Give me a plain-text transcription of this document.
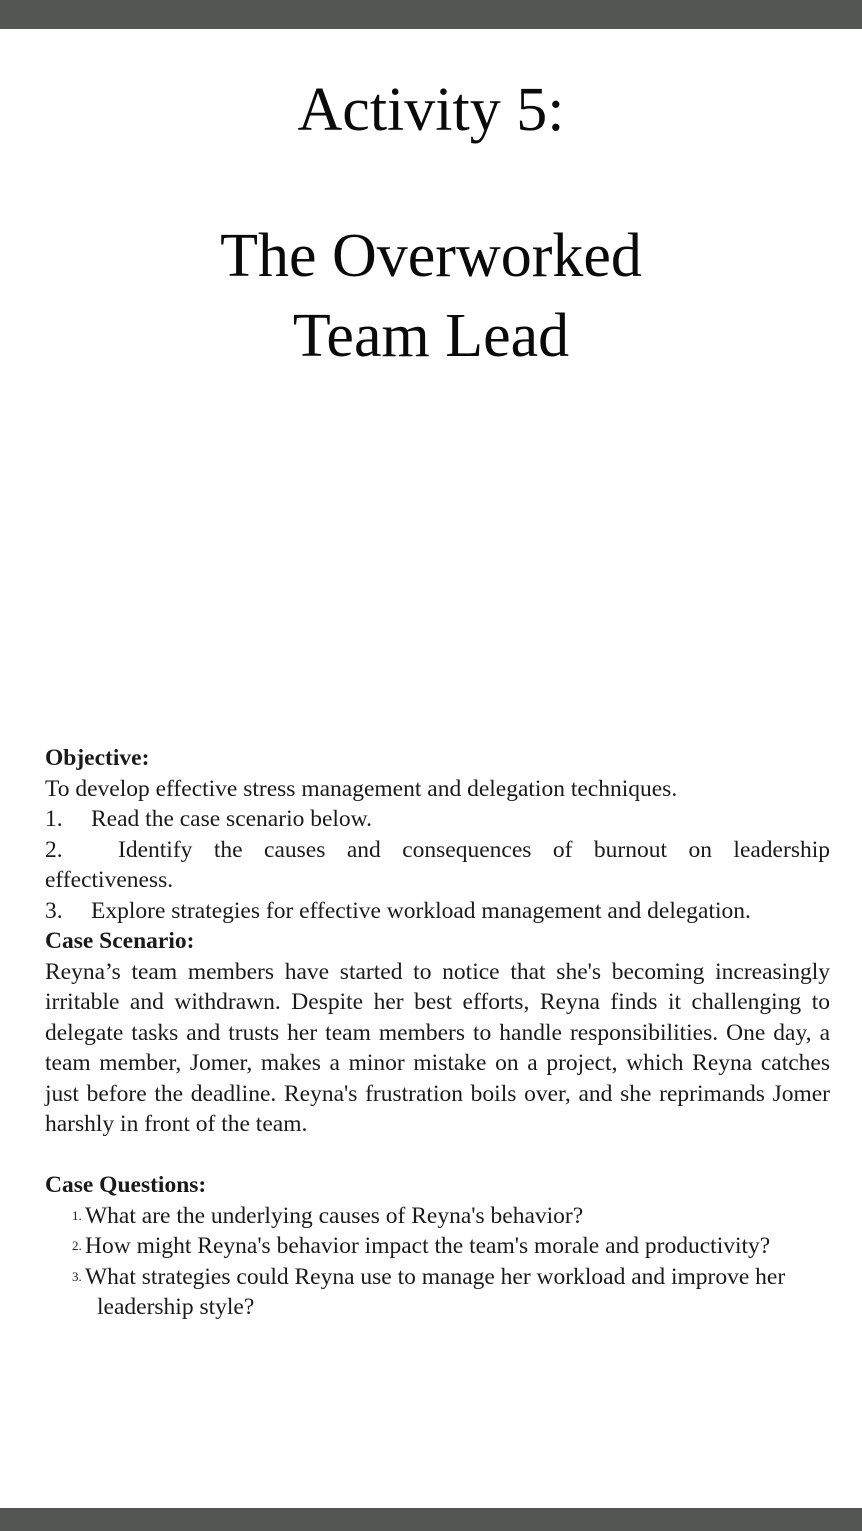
Activity 5:
The Overworked
Team Lead
Objective:
To develop effective stress management and delegation techniques.
1.	Read the case scenario below.
2.	Identify the causes and consequences of burnout on leadership
effectiveness.
3.	Explore strategies for effective workload management and delegation.
Case Scenario:
Reyna’s team members have started to notice that she's becoming increasingly irritable and withdrawn. Despite her best efforts, Reyna finds it challenging to delegate tasks and trusts her team members to handle responsibilities. One day, a team member, Jomer, makes a minor mistake on a project, which Reyna catches just before the deadline. Reyna's frustration boils over, and she reprimands Jomer harshly in front of the team.
Case Questions:
1. What are the underlying causes of Reyna's behavior?
2. How might Reyna's behavior impact the team's morale and productivity?
3. What strategies could Reyna use to manage her workload and improve her leadership style?
